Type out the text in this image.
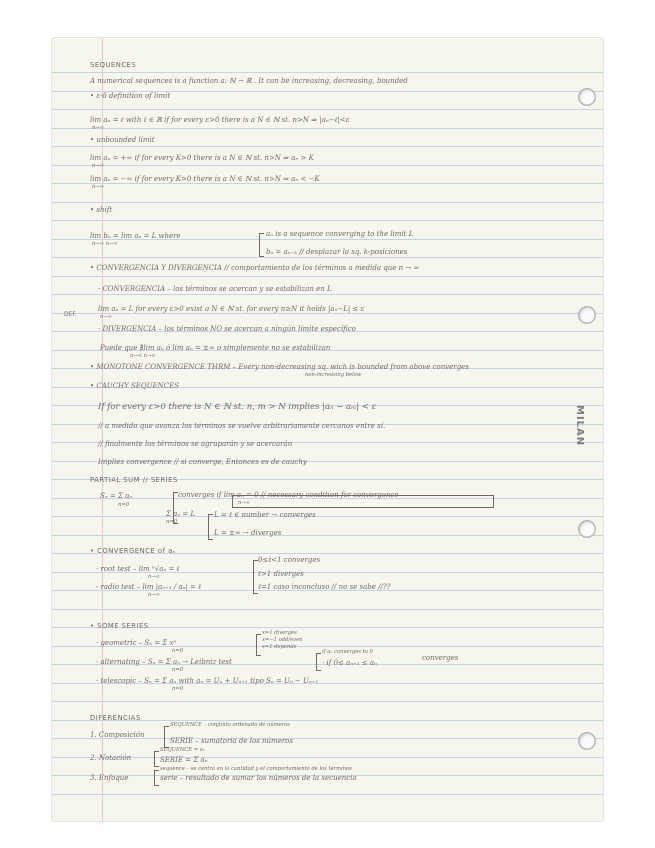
MILAN
DEF.
SEQUENCES
A numerical sequences is a function a: ℕ → ℝ . It can be increasing, decreasing, bounded
• ε-δ definition of limit
lim aₙ = ℓ with ℓ ∈ ℝ if for every ε>0 there is a N ∈ ℕ st. n>N ⇒ |aₙ−ℓ|<ε
n→∞
• unbounded limit
lim aₙ = +∞ if for every K>0 there is a N ∈ ℕ st. n>N ⇒ aₙ > K
n→∞
lim aₙ = −∞ if for every K>0 there is a N ∈ ℕ st. n>N ⇒ aₙ < −K
n→∞
• shift
lim bₙ = lim aₙ = L where
n→∞ n→∞
aₙ is a sequence converging to the limit L
bₙ = aₙ₋ₖ // desplazar la sq. k-posiciones
• CONVERGENCIA Y DIVERGENCIA // comportamiento de los términos a medida que n → ∞
· CONVERGENCIA – los términos se acercan y se estabilizan en L
lim aₙ = L for every ε>0 exist a N ∈ ℕ st. for every n≥N it holds |aₙ−L| ≤ ε
n→∞
· DIVERGENCIA – los términos NO se acercan a ningún límite específico
Puede que ∄lim aₙ ó lim aₙ = ±∞ o simplemente no se estabilizan
n→∞ n→∞
• MONOTONE CONVERGENCE THRM – Every non-decreasing sq. wich is bounded from above converges
non-increasing below
• CAUCHY SEQUENCES
If for every ε>0 there is N ∈ ℕ st. n, m > N implies |aₙ − aₘ| < ε
// a medida que avanza los términos se vuelve arbitrariamente cercanos entre sí.
// finalmente los términos se agruparán y se acercarán
Implies convergence // si converge, Entonces es de cauchy
PARTIAL SUM // SERIES
Sₙ = Σ aₙ
n=0
converges if lim aₙ = 0 // necessary condition for convergence
n→∞
Σ aₙ = L
n=0
L = ℓ ∈ number → converges
L = ±∞ → diverges
• CONVERGENCE of aₙ
· root test – lim ⁿ√aₙ = ℓ
n→∞
0≤ℓ<1 converges
ℓ>1 diverges
ℓ=1 caso inconcluso // no se sabe //??
· radio test – lim |aₙ₊₁ / aₙ| = ℓ
n→∞
• SOME SERIES
· geometric – Sₙ = Σ xⁿ
n=0
x=1 diverges
x=−1 odd/even
x=1 depends
· alternating – Sₙ = Σ aₙ → Leibniz test
n=0
if aₙ converges to 0
· if 0≤ aₙ₊₁ ≤ aₙ
converges
· telescopic – Sₙ = Σ aₙ with aₙ = Uₙ + Uₙ₊₁ tipo Sₙ = U₀ − Uₙ₊₁
n=0
DIFERENCIAS
SEQUENCE – conjunto ordenado de números
1. Composición
SERIE – sumatoria de los números
SEQUENCE = aₙ
2. Notación	SERIE = Σ aₙ
sequence – se centra en la cantidad y el comportamiento de los términos
3. Enfoque	serie – resultado de sumar los números de la secuencia
